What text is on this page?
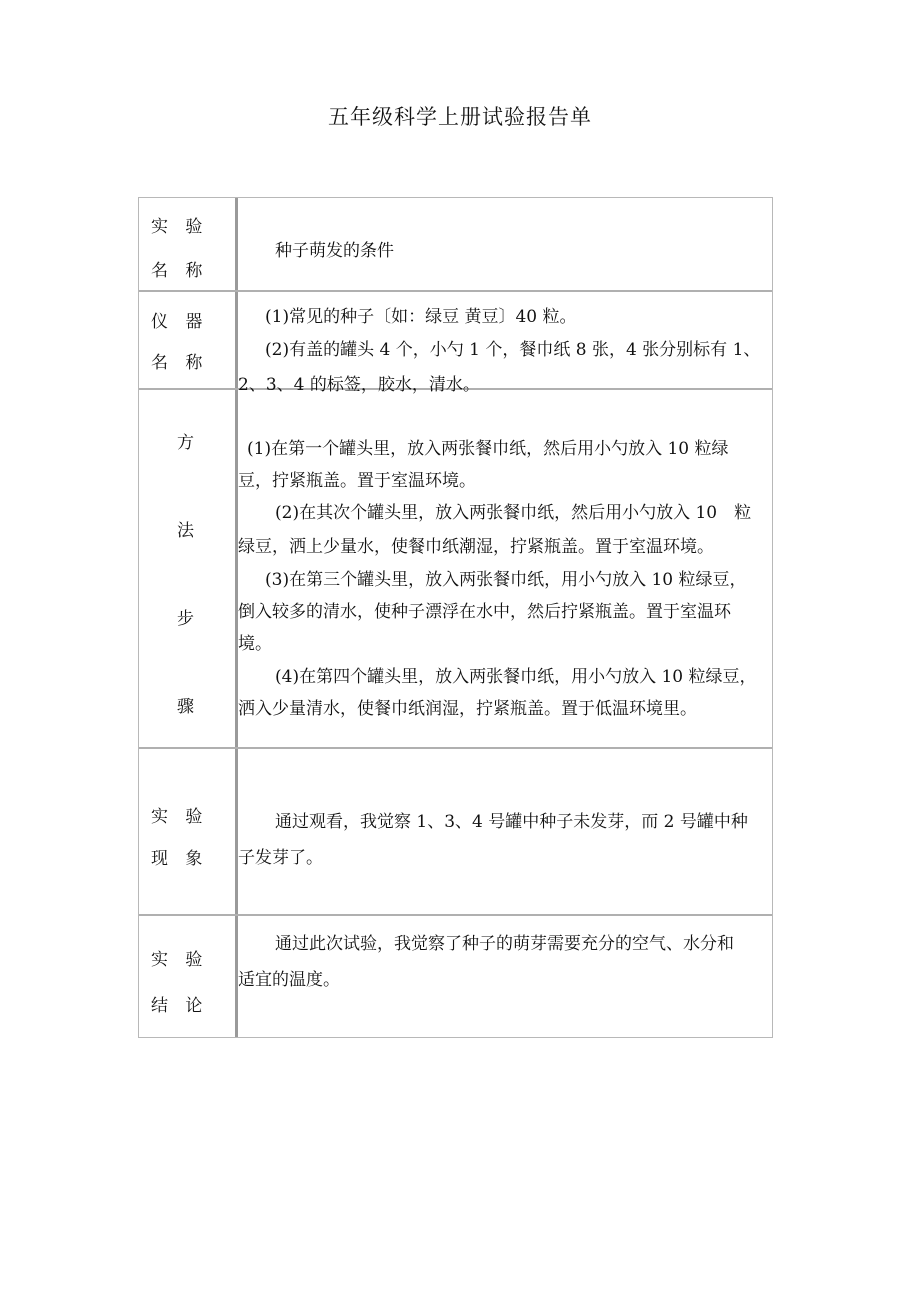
五年级科学上册试验报告单
实 验
名 称
种子萌发的条件
仪 器
名 称
(1)常见的种子〔如：绿豆 黄豆〕40 粒。
(2)有盖的罐头 4 个，小勺 1 个，餐巾纸 8 张，4 张分别标有 1、
2、3、4 的标签，胶水，清水。
方
法
步
骤
(1)在第一个罐头里，放入两张餐巾纸，然后用小勺放入 10 粒绿
豆，拧紧瓶盖。置于室温环境。
(2)在其次个罐头里，放入两张餐巾纸，然后用小勺放入 10　粒
绿豆，洒上少量水，使餐巾纸潮湿，拧紧瓶盖。置于室温环境。
(3)在第三个罐头里，放入两张餐巾纸，用小勺放入 10 粒绿豆，
倒入较多的清水，使种子漂浮在水中，然后拧紧瓶盖。置于室温环
境。
(4)在第四个罐头里，放入两张餐巾纸，用小勺放入 10 粒绿豆，
洒入少量清水，使餐巾纸润湿，拧紧瓶盖。置于低温环境里。
实 验
现 象
通过观看，我觉察 1、3、4 号罐中种子未发芽，而 2 号罐中种
子发芽了。
实 验
结 论
通过此次试验，我觉察了种子的萌芽需要充分的空气、水分和
适宜的温度。
